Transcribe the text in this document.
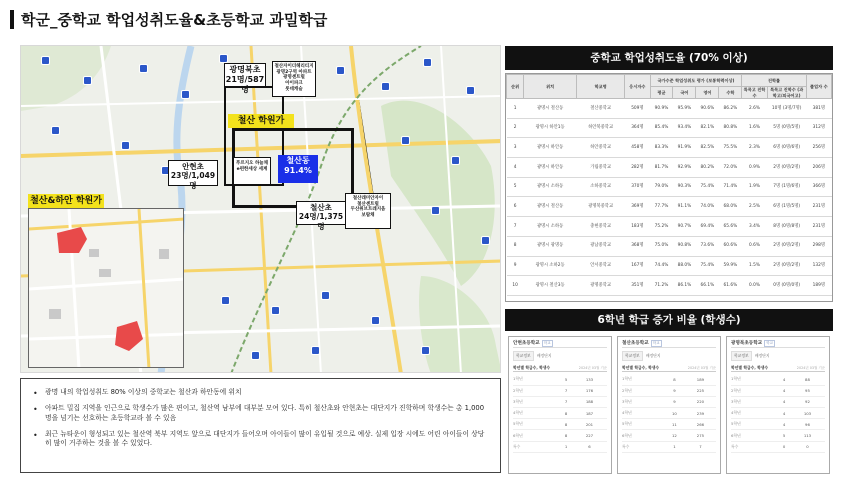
학군_중학교 학업성취도율&초등학교 과밀학급
철산 학원가
철산동
91.4%
광명북초
21명/587명
철산자이더헤리티지
광명2구역 아파트
광명센트럴
아이파크
롯데캐슬
안현초
23명/1,049명
푸르지오 하늘채
e편한세상 세계
철산초
24명/1,375명
철산래미안자이
철산센트럴
두산위브트레지움
보람채
철산&하안 학원가
• 광명 내의 학업성취도 80% 이상의 중학교는 철산과 하안동에 위치
• 아파트 밀집 지역을 인근으로 학생수가 많은 편이고, 철산역 남부에 대부분 모여 있다. 특히 철산초와 안현초는 대단지가 진학하며 학생수는 총 1,000명을 넘기는 선호하는 초등학교라 볼 수 있음
• 최근 뉴타운이 형성되고 있는 철산역 북부 지역도 앞으로 대단지가 들어오며 아이들이 많이 유입될 것으로 예상. 실제 입장 시에도 어린 아이들이 상당히 많이 거주하는 것을 볼 수 있었다.
중학교 학업성취도율 (70% 이상)
순위	위치	학교명	응시자수	국가수준 학업성취도 평가 (보통학력이상)				진학률		졸업자 수
				평균	국어	영어	수학	특목고 진학수	특목고 진학수 (과학고/외국어고)	
1	광명시 철산동	철산중학교	509명	90.9%	95.9%	90.6%	86.2%	2.6%	10명 (3명/7명)	381명
2	광명시 하안1동	하안북중학교	364명	85.4%	93.4%	82.1%	80.8%	1.6%	5명 (0명/5명)	312명
3	광명시 하안동	하안중학교	458명	83.3%	91.9%	82.5%	75.5%	2.3%	6명 (0명/6명)	256명
4	광명시 하안동	가림중학교	282명	81.7%	92.9%	80.2%	72.0%	0.9%	2명 (0명/2명)	206명
5	광명시 소하동	소하중학교	370명	79.0%	90.3%	75.4%	71.4%	1.9%	7명 (1명/6명)	366명
6	광명시 철산동	광명북중학교	369명	77.7%	91.1%	74.0%	68.0%	2.5%	6명 (1명/5명)	231명
7	광명시 소하동	충현중학교	183명	75.2%	90.7%	69.4%	65.6%	3.4%	8명 (0명/8명)	231명
8	광명시 광명동	광남중학교	368명	75.0%	90.8%	73.6%	60.6%	0.6%	2명 (0명/2명)	298명
9	광명시 소하2동	안서중학교	167명	74.4%	88.0%	75.4%	59.9%	1.5%	2명 (0명/2명)	132명
10	광명시 철산3동	광명중학교	351명	71.2%	86.1%	66.1%	61.6%	0.0%	0명 (0명/0명)	189명
6학년 학급 증가 비율 (학생수)
안현초등학교 학교
학교정보 배정단지
학년별 학급수, 학생수	2024년 03월 기준
1학년	5	133
2학년	7	176
3학년	7	188
4학년	8	187
5학년	8	201
6학년	8	227
특수	1	6
철산초등학교 학교
학교정보 배정단지
학년별 학급수, 학생수	2024년 03월 기준
1학년	8	189
2학년	9	225
3학년	9	220
4학년	10	239
5학년	11	266
6학년	12	275
특수	1	7
광명북초등학교 학교
학교정보 배정단지
학년별 학급수, 학생수	2024년 03월 기준
1학년	4	88
2학년	4	95
3학년	4	92
4학년	4	103
5학년	4	96
6학년	5	113
특수	0	0
